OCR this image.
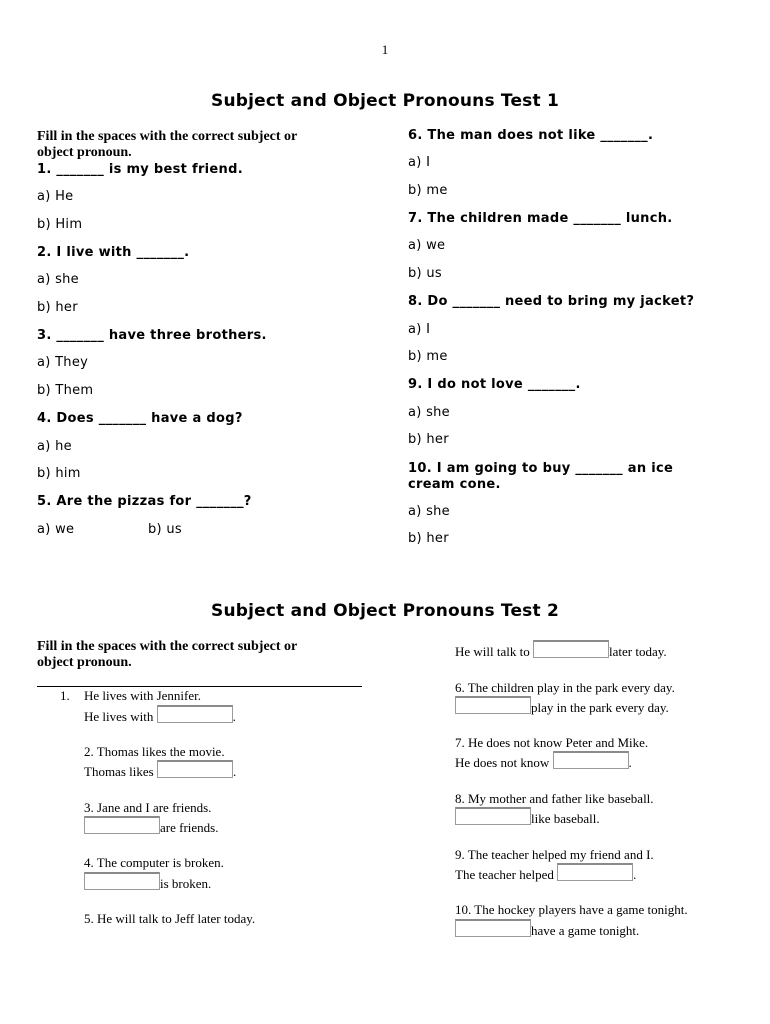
1
Subject and Object Pronouns Test 1
Fill in the spaces with the correct subject or object pronoun.
1. _______ is my best friend.
a) He
b) Him
2. I live with _______.
a) she
b) her
3. _______ have three brothers.
a) They
b) Them
4. Does _______ have a dog?
a) he
b) him
5. Are the pizzas for _______?
a) we	b) us
6. The man does not like _______.
a) I
b) me
7. The children made _______ lunch.
a) we
b) us
8. Do _______ need to bring my jacket?
a) I
b) me
9. I do not love _______.
a) she
b) her
10. I am going to buy _______ an ice cream cone.
a) she
b) her
Subject and Object Pronouns Test 2
Fill in the spaces with the correct subject or object pronoun.
1. He lives with Jennifer.
He lives with	.
2. Thomas likes the movie.
Thomas likes	.
3. Jane and I are friends.
are friends.
4. The computer is broken.
is broken.
5. He will talk to Jeff later today.
He will talk to	later today.
6. The children play in the park every day.
play in the park every day.
7. He does not know Peter and Mike.
He does not know	.
8. My mother and father like baseball.
like baseball.
9. The teacher helped my friend and I.
The teacher helped	.
10. The hockey players have a game tonight.
have a game tonight.
